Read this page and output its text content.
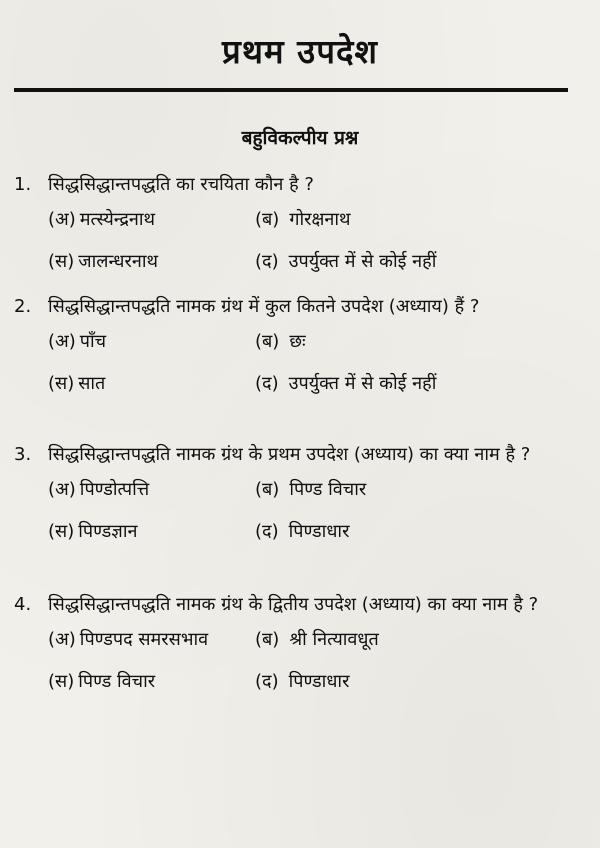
प्रथम उपदेश
बहुविकल्पीय प्रश्न
1. सिद्धसिद्धान्तपद्धति का रचयिता कौन है ?
(अ) मत्स्येन्द्रनाथ	(ब) गोरक्षनाथ
(स) जालन्धरनाथ	(द) उपर्युक्त में से कोई नहीं
2. सिद्धसिद्धान्तपद्धति नामक ग्रंथ में कुल कितने उपदेश (अध्याय) हैं ?
(अ) पाँच	(ब) छः
(स) सात	(द) उपर्युक्त में से कोई नहीं
3. सिद्धसिद्धान्तपद्धति नामक ग्रंथ के प्रथम उपदेश (अध्याय) का क्या नाम है ?
(अ) पिण्डोत्पत्ति	(ब) पिण्ड विचार
(स) पिण्डज्ञान	(द) पिण्डाधार
4. सिद्धसिद्धान्तपद्धति नामक ग्रंथ के द्वितीय उपदेश (अध्याय) का क्या नाम है ?
(अ) पिण्डपद समरसभाव	(ब) श्री नित्यावधूत
(स) पिण्ड विचार	(द) पिण्डाधार
